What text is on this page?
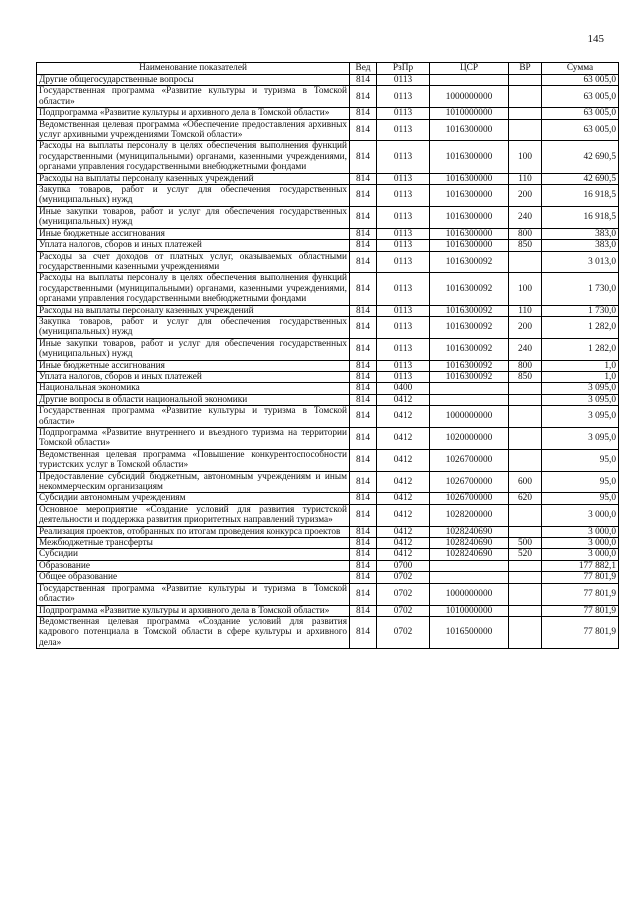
145
Наименование показателей	Вед	РзПр	ЦСР	ВР	Сумма
Другие общегосударственные вопросы	814	0113			63 005,0
Государственная программа «Развитие культуры и туризма в Томской области»	814	0113	1000000000		63 005,0
Подпрограмма «Развитие культуры и архивного дела в Томской области»	814	0113	1010000000		63 005,0
Ведомственная целевая программа «Обеспечение предоставления архивных услуг архивными учреждениями Томской области»	814	0113	1016300000		63 005,0
Расходы на выплаты персоналу в целях обеспечения выполнения функций государственными (муниципальными) органами, казенными учреждениями, органами управления государственными внебюджетными фондами	814	0113	1016300000	100	42 690,5
Расходы на выплаты персоналу казенных учреждений	814	0113	1016300000	110	42 690,5
Закупка товаров, работ и услуг для обеспечения государственных (муниципальных) нужд	814	0113	1016300000	200	16 918,5
Иные закупки товаров, работ и услуг для обеспечения государственных (муниципальных) нужд	814	0113	1016300000	240	16 918,5
Иные бюджетные ассигнования	814	0113	1016300000	800	383,0
Уплата налогов, сборов и иных платежей	814	0113	1016300000	850	383,0
Расходы за счет доходов от платных услуг, оказываемых областными государственными казенными учреждениями	814	0113	1016300092		3 013,0
Расходы на выплаты персоналу в целях обеспечения выполнения функций государственными (муниципальными) органами, казенными учреждениями, органами управления государственными внебюджетными фондами	814	0113	1016300092	100	1 730,0
Расходы на выплаты персоналу казенных учреждений	814	0113	1016300092	110	1 730,0
Закупка товаров, работ и услуг для обеспечения государственных (муниципальных) нужд	814	0113	1016300092	200	1 282,0
Иные закупки товаров, работ и услуг для обеспечения государственных (муниципальных) нужд	814	0113	1016300092	240	1 282,0
Иные бюджетные ассигнования	814	0113	1016300092	800	1,0
Уплата налогов, сборов и иных платежей	814	0113	1016300092	850	1,0
Национальная экономика	814	0400			3 095,0
Другие вопросы в области национальной экономики	814	0412			3 095,0
Государственная программа «Развитие культуры и туризма в Томской области»	814	0412	1000000000		3 095,0
Подпрограмма «Развитие внутреннего и въездного туризма на территории Томской области»	814	0412	1020000000		3 095,0
Ведомственная целевая программа «Повышение конкурентоспособности туристских услуг в Томской области»	814	0412	1026700000		95,0
Предоставление субсидий бюджетным, автономным учреждениям и иным некоммерческим организациям	814	0412	1026700000	600	95,0
Субсидии автономным учреждениям	814	0412	1026700000	620	95,0
Основное мероприятие «Создание условий для развития туристской деятельности и поддержка развития приоритетных направлений туризма»	814	0412	1028200000		3 000,0
Реализация проектов, отобранных по итогам проведения конкурса проектов	814	0412	1028240690		3 000,0
Межбюджетные трансферты	814	0412	1028240690	500	3 000,0
Субсидии	814	0412	1028240690	520	3 000,0
Образование	814	0700			177 882,1
Общее образование	814	0702			77 801,9
Государственная программа «Развитие культуры и туризма в Томской области»	814	0702	1000000000		77 801,9
Подпрограмма «Развитие культуры и архивного дела в Томской области»	814	0702	1010000000		77 801,9
Ведомственная целевая программа «Создание условий для развития кадрового потенциала в Томской области в сфере культуры и архивного дела»	814	0702	1016500000		77 801,9
